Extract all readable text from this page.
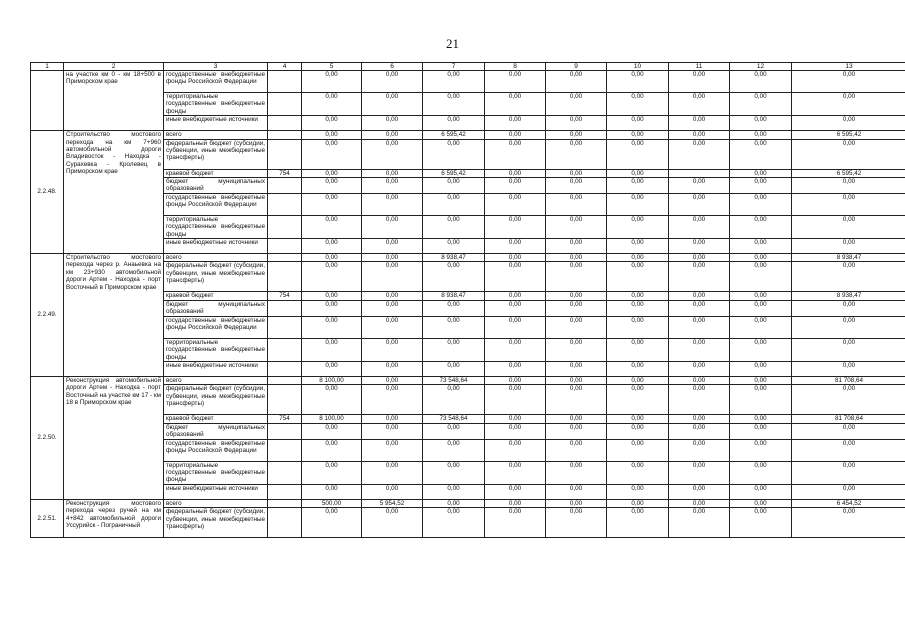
21
1	2	3	4	5	6	7	8	9	10	11	12	13
	на участке км 0 - км 18+500 в Приморском крае	государственные внебюджетные фонды Российской Федерации		0,00	0,00	0,00	0,00	0,00	0,00	0,00	0,00	0,00
		территориальные государственные внебюджетные фонды		0,00	0,00	0,00	0,00	0,00	0,00	0,00	0,00	0,00
		иные внебюджетные источники		0,00	0,00	0,00	0,00	0,00	0,00	0,00	0,00	0,00
2.2.48.	Строительство мостового перехода на км 7+960 автомобильной дороги Владивосток - Находка - Сурахевка - Кролевец в Приморском крае	всего		0,00	0,00	6 595,42	0,00	0,00	0,00	0,00	0,00	6 595,42
		федеральный бюджет (субсидии, субвенции, иные межбюджетные трансферты)		0,00	0,00	0,00	0,00	0,00	0,00	0,00	0,00	0,00
		краевой бюджет	754	0,00	0,00	6 595,42	0,00	0,00	0,00		0,00	6 595,42
		бюджет муниципальных образований		0,00	0,00	0,00	0,00	0,00	0,00	0,00	0,00	0,00
		государственные внебюджетные фонды Российской Федерации		0,00	0,00	0,00	0,00	0,00	0,00	0,00	0,00	0,00
		территориальные государственные внебюджетные фонды		0,00	0,00	0,00	0,00	0,00	0,00	0,00	0,00	0,00
		иные внебюджетные источники		0,00	0,00	0,00	0,00	0,00	0,00	0,00	0,00	0,00
2.2.49.	Строительство мостового перехода через р. Анаьевка на км 23+930 автомобильной дороги Артем - Находка - порт Восточный в Приморском крае	всего		0,00	0,00	8 938,47	0,00	0,00	0,00	0,00	0,00	8 938,47
		федеральный бюджет (субсидии, субвенции, иные межбюджетные трансферты)		0,00	0,00	0,00	0,00	0,00	0,00	0,00	0,00	0,00
		краевой бюджет	754	0,00	0,00	8 938,47	0,00	0,00	0,00	0,00	0,00	8 938,47
		бюджет муниципальных образований		0,00	0,00	0,00	0,00	0,00	0,00	0,00	0,00	0,00
		государственные внебюджетные фонды Российской Федерации		0,00	0,00	0,00	0,00	0,00	0,00	0,00	0,00	0,00
		территориальные государственные внебюджетные фонды		0,00	0,00	0,00	0,00	0,00	0,00	0,00	0,00	0,00
		иные внебюджетные источники		0,00	0,00	0,00	0,00	0,00	0,00	0,00	0,00	0,00
2.2.50.	Реконструкция автомобильной дороги Артем - Находка - порт Восточный на участке км 17 - км 18 в Приморском крае	всего		8 100,00	0,00	73 548,64	0,00	0,00	0,00	0,00	0,00	81 708,64
		федеральный бюджет (субсидии, субвенции, иные межбюджетные трансферты)		0,00	0,00	0,00	0,00	0,00	0,00	0,00	0,00	0,00
		краевой бюджет	754	8 100,00	0,00	73 548,64	0,00	0,00	0,00	0,00	0,00	81 708,64
		бюджет муниципальных образований		0,00	0,00	0,00	0,00	0,00	0,00	0,00	0,00	0,00
		государственные внебюджетные фонды Российской Федерации		0,00	0,00	0,00	0,00	0,00	0,00	0,00	0,00	0,00
		территориальные государственные внебюджетные фонды		0,00	0,00	0,00	0,00	0,00	0,00	0,00	0,00	0,00
		иные внебюджетные источники		0,00	0,00	0,00	0,00	0,00	0,00	0,00	0,00	0,00
2.2.51.	Реконструкция мостового перехода через ручей на км 4+842 автомобильной дороги Уссурийск - Пограничный	всего		500,00	5 954,52	0,00	0,00	0,00	0,00	0,00	0,00	6 454,52
		федеральный бюджет (субсидии, субвенции, иные межбюджетные трансферты)		0,00	0,00	0,00	0,00	0,00	0,00	0,00	0,00	0,00
